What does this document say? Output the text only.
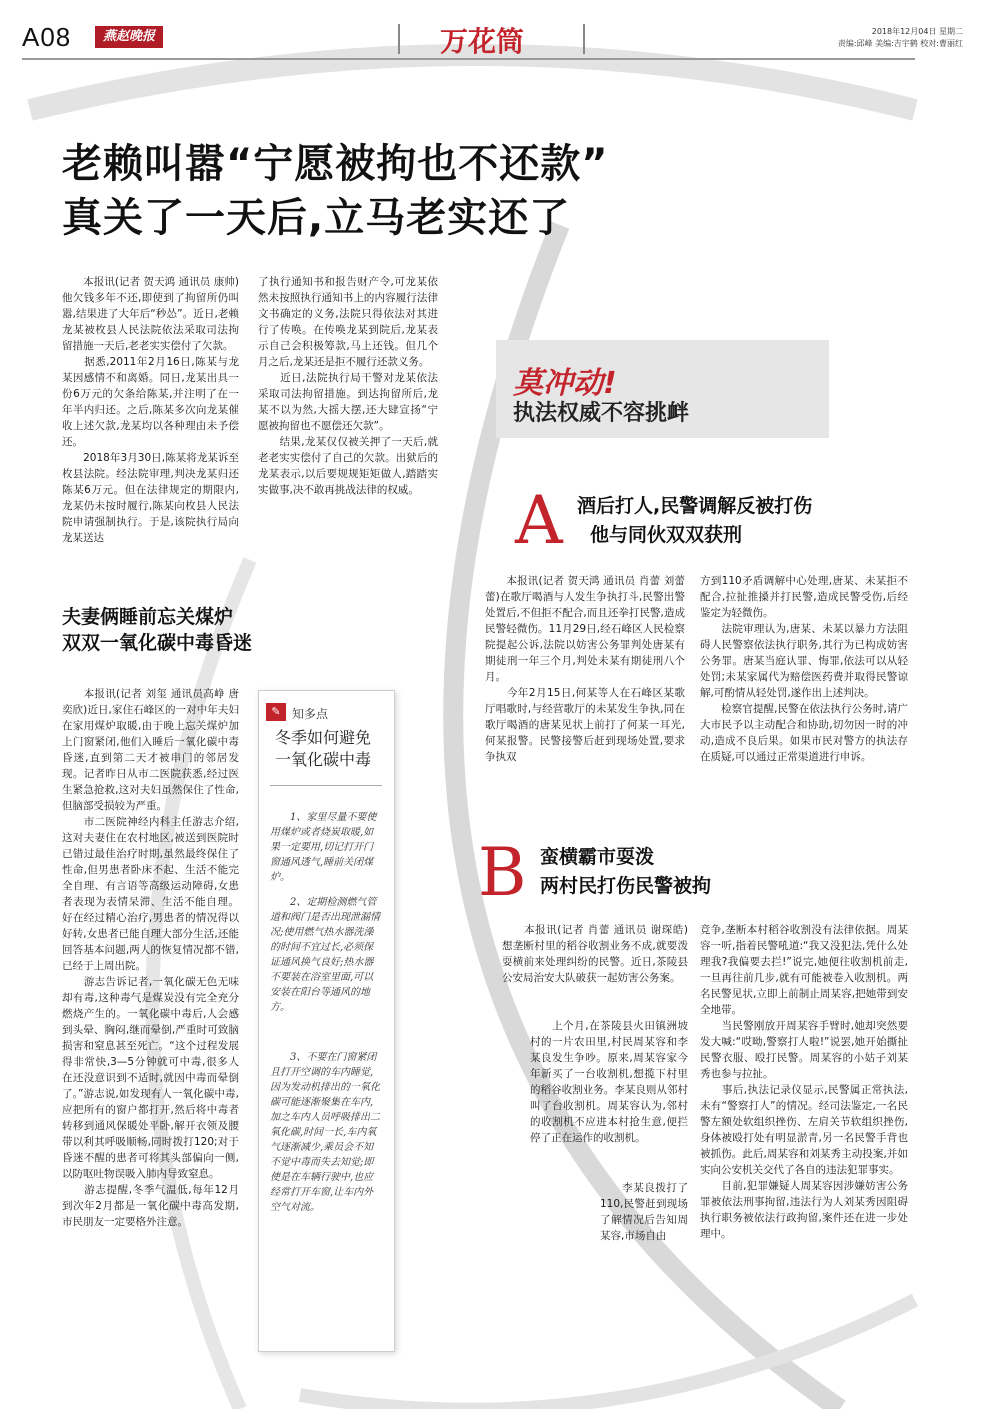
A08	燕赵晚报	万花筒	2018年12月04日 星期二
责编:邱峰 美编:吉宇鹤 校对:曹丽红
老赖叫嚣“宁愿被拘也不还款”
真关了一天后,立马老实还了
　　本报讯(记者 贺天鸿 通讯员 康帅)他欠钱多年不还,即使到了拘留所仍叫嚣,结果进了大年后“秒怂”。近日,老赖龙某被枚县人民法院依法采取司法拘留措施一天后,老老实实偿付了欠款。
　　据悉,2011年2月16日,陈某与龙某因感情不和离婚。同日,龙某出具一份6万元的欠条给陈某,并注明了在一年半内归还。之后,陈某多次向龙某催收上述欠款,龙某均以各种理由未予偿还。
　　2018年3月30日,陈某将龙某诉至枚县法院。经法院审理,判决龙某归还陈某6万元。但在法律规定的期限内,龙某仍未按时履行,陈某向枚县人民法院申请强制执行。于是,该院执行局向龙某送达
了执行通知书和报告财产令,可龙某依然未按照执行通知书上的内容履行法律文书确定的义务,法院只得依法对其进行了传唤。在传唤龙某到院后,龙某表示自己会积极筹款,马上还钱。但几个月之后,龙某还是拒不履行还款义务。
　　近日,法院执行局干警对龙某依法采取司法拘留措施。到达拘留所后,龙某不以为然,大摇大摆,还大肆宣扬“宁愿被拘留也不愿偿还欠款”。
　　结果,龙某仅仅被关押了一天后,就老老实实偿付了自己的欠款。出狱后的龙某表示,以后要规规矩矩做人,踏踏实实做事,决不敢再挑战法律的权威。
莫冲动!
执法权威不容挑衅
A 酒后打人,民警调解反被打伤
他与同伙双双获刑
　　本报讯(记者 贺天鸿 通讯员 肖蕾 刘蕾蕾)在歌厅喝酒与人发生争执打斗,民警出警处置后,不但拒不配合,而且还拳打民警,造成民警轻微伤。11月29日,经石峰区人民检察院提起公诉,法院以妨害公务罪判处唐某有期徒刑一年三个月,判处未某有期徒刑八个月。
　　今年2月15日,何某等人在石峰区某歌厅唱歌时,与经营歌厅的未某发生争执,同在歌厅喝酒的唐某见状上前打了何某一耳光,何某报警。民警接警后赶到现场处置,要求争执双
方到110矛盾调解中心处理,唐某、未某拒不配合,拉扯推搡并打民警,造成民警受伤,后经鉴定为轻微伤。
　　法院审理认为,唐某、未某以暴力方法阻碍人民警察依法执行职务,其行为已构成妨害公务罪。唐某当庭认罪、悔罪,依法可以从轻处罚;未某家属代为赔偿医药费并取得民警谅解,可酌情从轻处罚,遂作出上述判决。
　　检察官提醒,民警在依法执行公务时,请广大市民予以主动配合和协助,切勿因一时的冲动,造成不良后果。如果市民对警方的执法存在质疑,可以通过正常渠道进行申诉。
夫妻俩睡前忘关煤炉
双双一氧化碳中毒昏迷
　　本报讯(记者 刘玺 通讯员高峥 唐奕欣)近日,家住石峰区的一对中年夫妇在家用煤炉取暖,由于晚上忘关煤炉加上门窗紧闭,他们入睡后一氧化碳中毒昏迷,直到第二天才被串门的邻居发现。记者昨日从市二医院获悉,经过医生紧急抢救,这对夫妇虽然保住了性命,但脑部受损较为严重。
　　市二医院神经内科主任游志介绍,这对夫妻住在农村地区,被送到医院时已错过最佳治疗时期,虽然最终保住了性命,但男患者卧床不起、生活不能完全自理、有言语等高级运动障碍,女患者表现为表情呆滞、生活不能自理。好在经过精心治疗,男患者的情况得以好转,女患者已能自理大部分生活,还能回答基本问题,两人的恢复情况都不错,已经于上周出院。
　　游志告诉记者,一氧化碳无色无味却有毒,这种毒气是煤炭没有完全充分燃烧产生的。一氧化碳中毒后,人会感到头晕、胸闷,继而晕倒,严重时可致脑损害和窒息甚至死亡。“这个过程发展得非常快,3—5分钟就可中毒,很多人在还没意识到不适时,就因中毒而晕倒了。”游志说,如发现有人一氧化碳中毒,应把所有的窗户都打开,然后将中毒者转移到通风保暖处平卧,解开衣领及腰带以利其呼吸顺畅,同时拨打120;对于昏迷不醒的患者可将其头部偏向一侧,以防呕吐物误吸入肺内导致窒息。
　　游志提醒,冬季气温低,每年12月到次年2月都是一氧化碳中毒高发期,市民朋友一定要格外注意。
✎ 知多点
冬季如何避免
一氧化碳中毒
　　1、家里尽量不要使用煤炉或者烧炭取暖,如果一定要用,切记打开门窗通风透气,睡前关闭煤炉。
　　2、定期检测燃气管道和阀门是否出现泄漏情况;使用燃气热水器洗澡的时间不宜过长,必须保证通风换气良好;热水器不要装在浴室里面,可以安装在阳台等通风的地方。
　　3、不要在门窗紧闭且打开空调的车内睡觉,因为发动机排出的一氧化碳可能逐渐聚集在车内,加之车内人员呼吸排出二氧化碳,时间一长,车内氧气逐渐减少,乘员会不知不觉中毒而失去知觉;即使是在车辆行驶中,也应经常打开车窗,让车内外空气对流。
B 蛮横霸市耍泼
两村民打伤民警被拘
　　本报讯(记者 肖蕾 通讯员 谢琛皓)想垄断村里的稻谷收割业务不成,就要泼耍横前来处理纠纷的民警。近日,茶陵县公安局治安大队破获一起妨害公务案。
　　上个月,在茶陵县火田镇洲坡村的一片农田里,村民周某容和李某良发生争吵。原来,周某容家今年新买了一台收割机,想揽下村里的稻谷收割业务。李某良则从邻村叫了台收割机。周某容认为,邻村的收割机不应进本村抢生意,便拦停了正在运作的收割机。
　　李某良拨打了110,民警赶到现场了解情况后告知周某容,市场自由
竞争,垄断本村稻谷收割没有法律依据。周某容一听,指着民警吼道:“我又没犯法,凭什么处理我?我偏要去拦!”说完,她便往收割机前走,一旦再往前几步,就有可能被卷入收割机。两名民警见状,立即上前制止周某容,把她带到安全地带。
　　当民警刚放开周某容手臂时,她却突然要发大喊:“哎呦,警察打人啦!”说罢,她开始撕扯民警衣服、殴打民警。周某容的小姑子刘某秀也参与拉扯。
　　事后,执法记录仪显示,民警属正常执法,未有“警察打人”的情况。经司法鉴定,一名民警左额处软组织挫伤、左肩关节软组织挫伤,身体被殴打处有明显淤青,另一名民警手背也被抓伤。此后,周某容和刘某秀主动投案,并如实向公安机关交代了各自的违法犯罪事实。
　　目前,犯罪嫌疑人周某容因涉嫌妨害公务罪被依法刑事拘留,违法行为人刘某秀因阻碍执行职务被依法行政拘留,案件还在进一步处理中。
